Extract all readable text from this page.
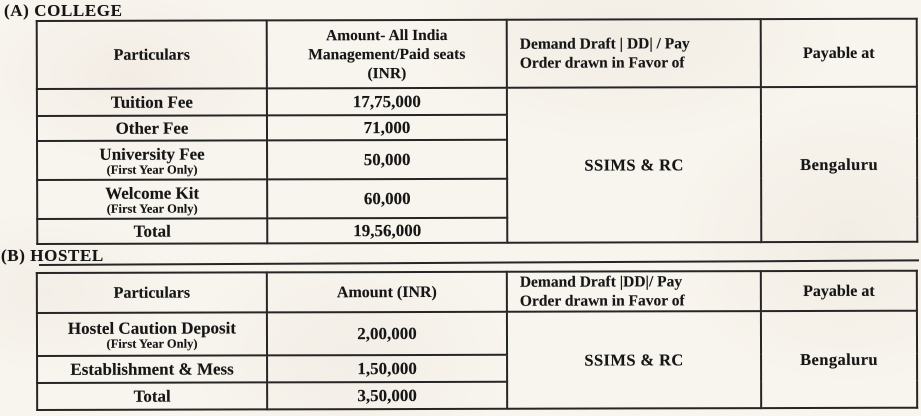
(A) COLLEGE
Particulars	Amount- All India
Management/Paid seats
(INR)	Demand Draft | DD| / Pay
Order drawn in Favor of	Payable at

Tuition Fee	17,75,000	SSIMS & RC	Bengaluru

Other Fee	71,000		

University Fee
(First Year Only)	50,000		

Welcome Kit
(First Year Only)	60,000		

Total	19,56,000		
(B) HOSTEL
Particulars	Amount (INR)	Demand Draft |DD|/ Pay
Order drawn in Favor of	Payable at

Hostel Caution Deposit
(First Year Only)	2,00,000	SSIMS & RC	Bengaluru

Establishment & Mess	1,50,000		

Total	3,50,000		
